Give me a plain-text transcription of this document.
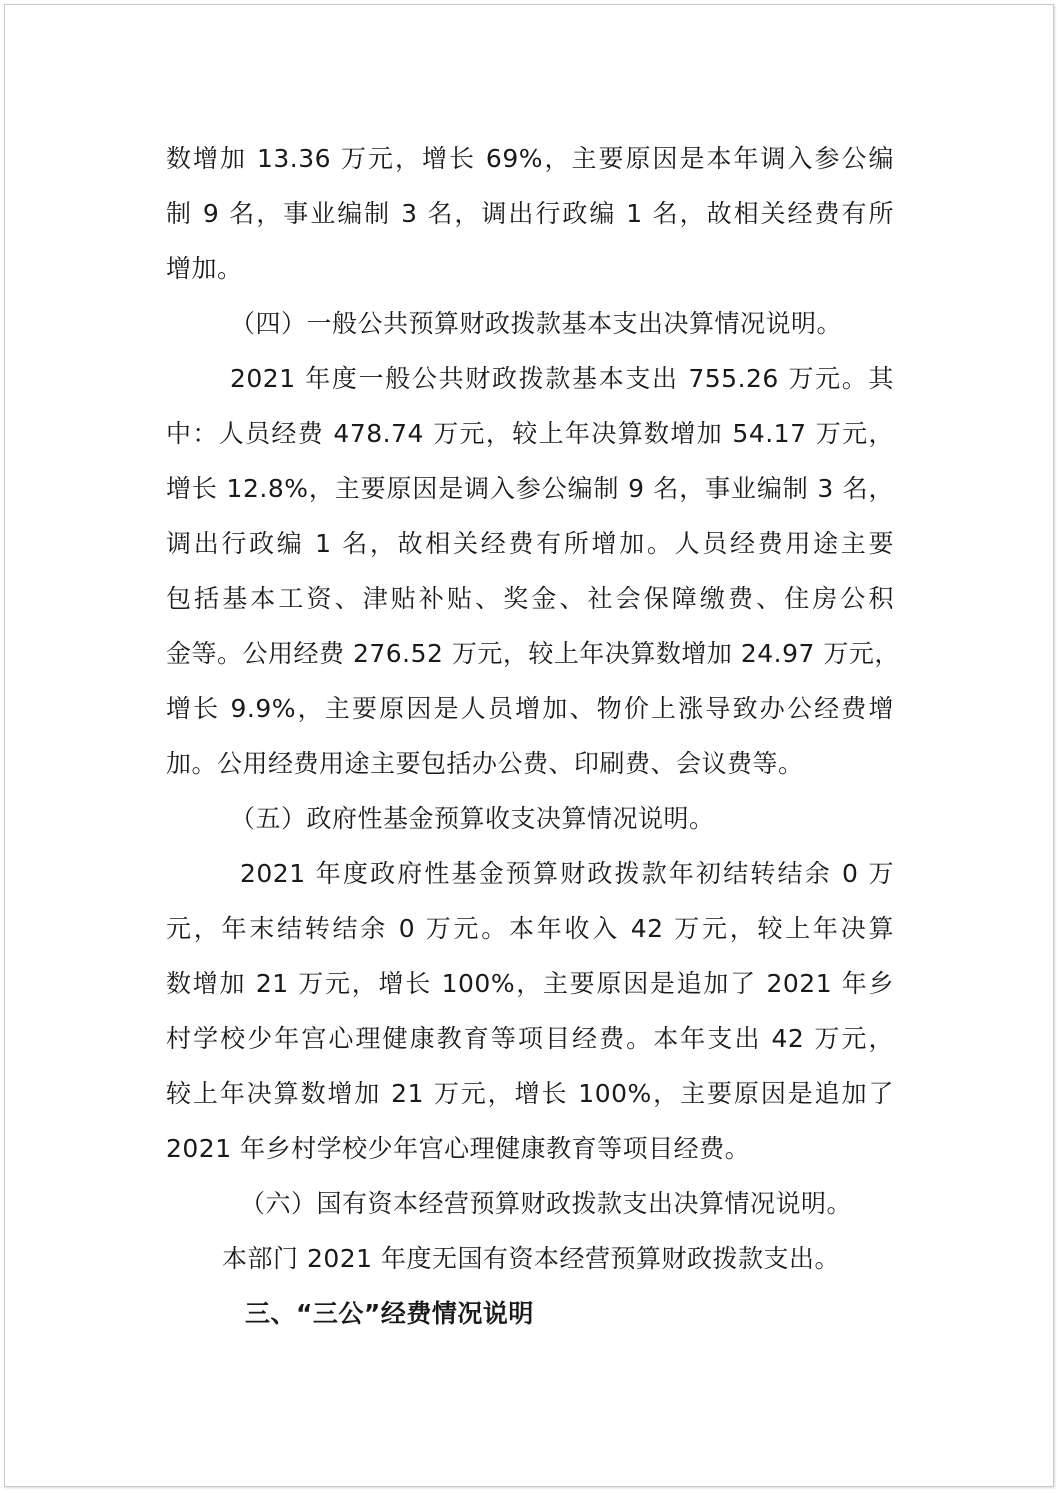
数增加 13.36 万元，增长 69%，主要原因是本年调入参公编
制 9 名，事业编制 3 名，调出行政编 1 名，故相关经费有所
增加。
（四）一般公共预算财政拨款基本支出决算情况说明。
2021 年度一般公共财政拨款基本支出 755.26 万元。其
中：人员经费 478.74 万元，较上年决算数增加 54.17 万元，
增长 12.8%，主要原因是调入参公编制 9 名，事业编制 3 名，
调出行政编 1 名，故相关经费有所增加。人员经费用途主要
包括基本工资、津贴补贴、奖金、社会保障缴费、住房公积
金等。公用经费 276.52 万元，较上年决算数增加 24.97 万元，
增长 9.9%，主要原因是人员增加、物价上涨导致办公经费增
加。公用经费用途主要包括办公费、印刷费、会议费等。
（五）政府性基金预算收支决算情况说明。
2021 年度政府性基金预算财政拨款年初结转结余 0 万
元，年末结转结余 0 万元。本年收入 42 万元，较上年决算
数增加 21 万元，增长 100%，主要原因是追加了 2021 年乡
村学校少年宫心理健康教育等项目经费。本年支出 42 万元，
较上年决算数增加 21 万元，增长 100%，主要原因是追加了
2021 年乡村学校少年宫心理健康教育等项目经费。
（六）国有资本经营预算财政拨款支出决算情况说明。
本部门 2021 年度无国有资本经营预算财政拨款支出。
三、“三公”经费情况说明
